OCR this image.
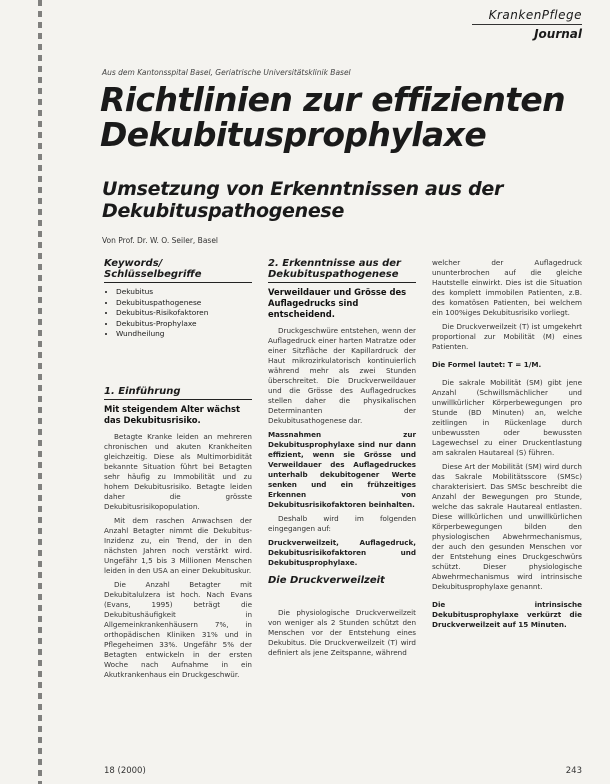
KrankenPflege
Journal
Aus dem Kantonsspital Basel, Geriatrische Universitätsklinik Basel
Richtlinien zur effizienten Dekubitusprophylaxe
Umsetzung von Erkenntnissen aus der Dekubituspathogenese
Von Prof. Dr. W. O. Seiler, Basel
Keywords/ Schlüsselbegriffe
• Dekubitus
• Dekubituspathogenese
• Dekubitus-Risikofaktoren
• Dekubitus-Prophylaxe
• Wundheilung
1. Einführung
Mit steigendem Alter wächst das Dekubitusrisiko.

Betagte Kranke leiden an mehreren chronischen und akuten Krankheiten gleichzeitig. Diese als Multimorbidität bekannte Situation führt bei Betagten sehr häufig zu Immobilität und zu hohem Dekubitusrisiko. Betagte leiden daher die grösste Dekubitusrisikopopulation.

Mit dem raschen Anwachsen der Anzahl Betagter nimmt die Dekubitus-Inzidenz zu, ein Trend, der in den nächsten Jahren noch verstärkt wird. Ungefähr 1,5 bis 3 Millionen Menschen leiden in den USA an einer Dekubituskur.

Die Anzahl Betagter mit Dekubitalulzera ist hoch. Nach Evans (Evans, 1995) beträgt die Dekubitushäufigkeit in Allgemeinkrankenhäusern 7%, in orthopädischen Kliniken 31% und in Pflegeheimen 33%. Ungefähr 5% der Betagten entwickeln in der ersten Woche nach Aufnahme in ein Akutkrankenhaus ein Druckgeschwür.

2. Erkenntnisse aus der Dekubituspathogenese
Verweildauer und Grösse des Auflagedrucks sind entscheidend.

Druckgeschwüre entstehen, wenn der Auflagedruck einer harten Matratze oder einer Sitzfläche der Kapillardruck der Haut mikrozirkulatorisch kontinuierlich während mehr als zwei Stunden überschreitet. Die Druckverweildauer und die Grösse des Auflagedruckes stellen daher die physikalischen Determinanten der Dekubitusathogenese dar.

Massnahmen zur Dekubitusprophylaxe sind nur dann effizient, wenn sie Grösse und Verweildauer des Auflagedruckes unterhalb dekubitogener Werte senken und ein frühzeitiges Erkennen von Dekubitusrisikofaktoren beinhalten.

Deshalb wird im folgenden eingegangen auf:

Druckverweilzeit, Auflagedruck, Dekubitusrisikofaktoren und Dekubitusprophylaxe.

Die Druckverweilzeit

Die physiologische Druckverweilzeit von weniger als 2 Stunden schützt den Menschen vor der Entstehung eines Dekubitus. Die Druckverweilzeit (T) wird definiert als jene Zeitspanne, während

welcher der Auflagedruck ununterbrochen auf die gleiche Hautstelle einwirkt. Dies ist die Situation des komplett immobilen Patienten, z.B. des komatösen Patienten, bei welchem ein 100%iges Dekubitusrisiko vorliegt.

Die Druckverweilzeit (T) ist umgekehrt proportional zur Mobilität (M) eines Patienten.

Die Formel lautet: T = 1/M.

Die sakrale Mobilität (SM) gibt jene Anzahl (Schwillsmächlicher und unwillkürlicher Körperbewegungen pro Stunde (BD Minuten) an, welche zeitlingen in Rückenlage durch unbewussten oder bewussten Lagewechsel zu einer Druckentlastung am sakralen Hautareal (S) führen.

Diese Art der Mobilität (SM) wird durch das Sakrale Mobilitätsscore (SMSc) charakterisiert. Das SMSc beschreibt die Anzahl der Bewegungen pro Stunde, welche das sakrale Hautareal entlasten. Diese willkürlichen und unwillkürlichen Körperbewegungen bilden den physiologischen Abwehrmechanismus, der auch den gesunden Menschen vor der Entstehung eines Druckgeschwürs schützt. Dieser physiologische Abwehrmechanismus wird intrinsische Dekubitusprophylaxe genannt.

Die intrinsische Dekubitusprophylaxe verkürzt die Druckverweilzeit auf 15 Minuten.

18 (2000)	243
